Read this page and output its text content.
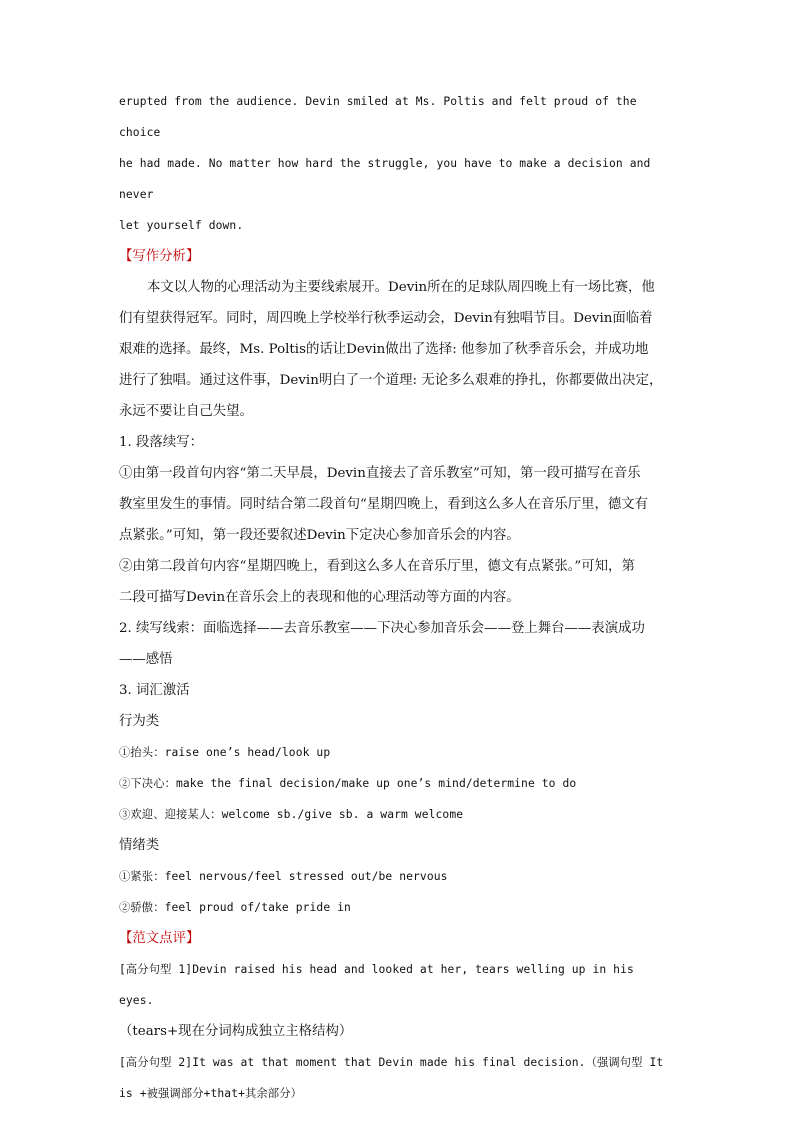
erupted from the audience. Devin smiled at Ms. Poltis and felt proud of the choice

he had made. No matter how hard the struggle, you have to make a decision and never

let yourself down.

【写作分析】

本文以人物的心理活动为主要线索展开。Devin所在的足球队周四晚上有一场比赛，他

们有望获得冠军。同时，周四晚上学校举行秋季运动会，Devin有独唱节目。Devin面临着

艰难的选择。最终，Ms. Poltis的话让Devin做出了选择: 他参加了秋季音乐会，并成功地

进行了独唱。通过这件事，Devin明白了一个道理: 无论多么艰难的挣扎，你都要做出决定，

永远不要让自己失望。

1. 段落续写：

①由第一段首句内容“第二天早晨，Devin直接去了音乐教室”可知，第一段可描写在音乐

教室里发生的事情。同时结合第二段首句“星期四晚上，看到这么多人在音乐厅里，德文有

点紧张。”可知，第一段还要叙述Devin下定决心参加音乐会的内容。

②由第二段首句内容“星期四晚上，看到这么多人在音乐厅里，德文有点紧张。”可知，第

二段可描写Devin在音乐会上的表现和他的心理活动等方面的内容。

2. 续写线索：面临选择——去音乐教室——下决心参加音乐会——登上舞台——表演成功

——感悟

3. 词汇激活

行为类

①抬头：raise one’s head/look up

②下决心：make the final decision/make up one’s mind/determine to do

③欢迎、迎接某人：welcome sb./give sb. a warm welcome

情绪类

①紧张：feel nervous/feel stressed out/be nervous

②骄傲：feel proud of/take pride in

【范文点评】

[高分句型 1]Devin raised his head and looked at her, tears welling up in his eyes.

（tears+现在分词构成独立主格结构）

[高分句型 2]It was at that moment that Devin made his final decision.（强调句型 It

is +被强调部分+that+其余部分）
